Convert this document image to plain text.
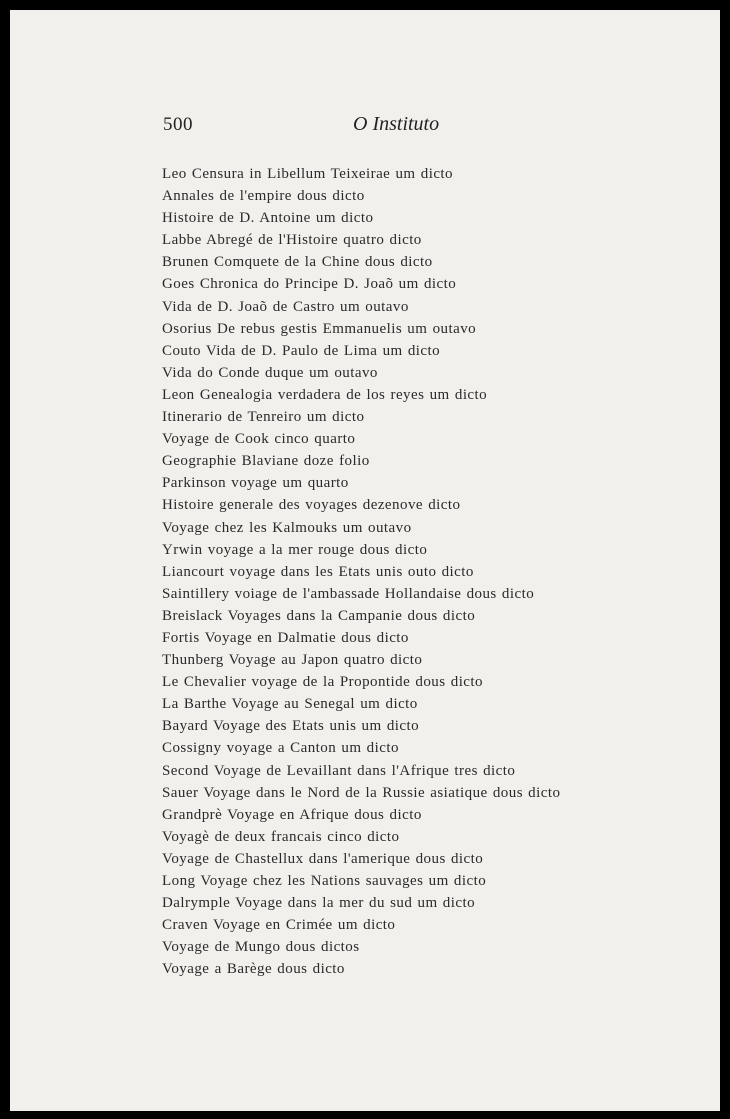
500	O Instituto
Leo Censura in Libellum Teixeirae um dicto
Annales de l'empire dous dicto
Histoire de D. Antoine um dicto
Labbe Abregé de l'Histoire quatro dicto
Brunen Comquete de la Chine dous dicto
Goes Chronica do Principe D. Joaõ um dicto
Vida de D. Joaõ de Castro um outavo
Osorius De rebus gestis Emmanuelis um outavo
Couto Vida de D. Paulo de Lima um dicto
Vida do Conde duque um outavo
Leon Genealogia verdadera de los reyes um dicto
Itinerario de Tenreiro um dicto
Voyage de Cook cinco quarto
Geographie Blaviane doze folio
Parkinson voyage um quarto
Histoire generale des voyages dezenove dicto
Voyage chez les Kalmouks um outavo
Yrwin voyage a la mer rouge dous dicto
Liancourt voyage dans les Etats unis outo dicto
Saintillery voiage de l'ambassade Hollandaise dous dicto
Breislack Voyages dans la Campanie dous dicto
Fortis Voyage en Dalmatie dous dicto
Thunberg Voyage au Japon quatro dicto
Le Chevalier voyage de la Propontide dous dicto
La Barthe Voyage au Senegal um dicto
Bayard Voyage des Etats unis um dicto
Cossigny voyage a Canton um dicto
Second Voyage de Levaillant dans l'Afrique tres dicto
Sauer Voyage dans le Nord de la Russie asiatique dous dicto
Grandprè Voyage en Afrique dous dicto
Voyagè de deux francais cinco dicto
Voyage de Chastellux dans l'amerique dous dicto
Long Voyage chez les Nations sauvages um dicto
Dalrymple Voyage dans la mer du sud um dicto
Craven Voyage en Crimée um dicto
Voyage de Mungo dous dictos
Voyage a Barège dous dicto
